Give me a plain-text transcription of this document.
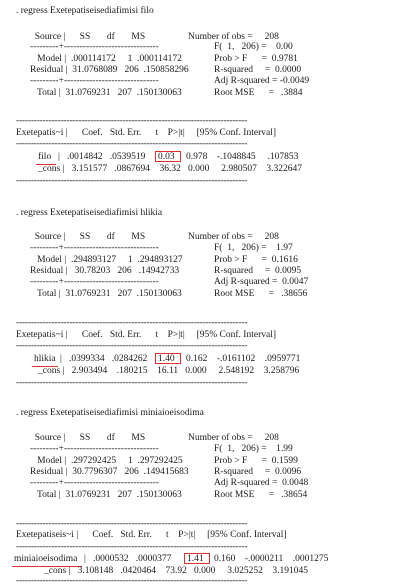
. regress Exetepatiseisediafimisi filo
Source |      SS       df       MS	Number of obs =     208
---------+------------------------------	F(  1,   206) =    0.00
Model |  .000114172     1  .000114172	Prob > F      =  0.9781
Residual |  31.0768089   206  .150858296	R-squared     =  0.0000
---------+------------------------------	Adj R-squared = -0.0049
Total |  31.0769231   207  .150130063	Root MSE      =   .3884
------------------------------------------------------------------------------
Exetepatis~i |      Coef.   Std. Err.      t    P>|t|     [95% Conf. Interval]
------------------------------------------------------------------------------
filo |   .0014842   .0539519 0.03 0.978    -.1048845     .107853
_cons |   3.151577   .0867694    36.32   0.000     2.980507    3.322647
------------------------------------------------------------------------------
. regress Exetepatiseisediafimisi hlikia
Source |      SS       df       MS	Number of obs =     208
---------+------------------------------	F(  1,   206) =    1.97
Model |  .294893127     1  .294893127	Prob > F      =  0.1616
Residual |   30.78203   206   .14942733	R-squared     =  0.0095
---------+------------------------------	Adj R-squared =  0.0047
Total |  31.0769231   207  .150130063	Root MSE      =   .38656
------------------------------------------------------------------------------
Exetepatis~i |      Coef.   Std. Err.      t    P>|t|     [95% Conf. Interval]
------------------------------------------------------------------------------
hlikia |   .0399334   .0284262 1.40 0.162    -.0161102    .0959771
_cons |   2.903494    .180215    16.11   0.000     2.548192    3.258796
------------------------------------------------------------------------------
. regress Exetepatiseisediafimisi miniaioeisodima
Source |      SS       df       MS	Number of obs =     208
---------+------------------------------	F(  1,   206) =    1.99
Model |  .297292425     1  .297292425	Prob > F      =  0.1599
Residual |  30.7796307   206  .149415683	R-squared     =  0.0096
---------+------------------------------	Adj R-squared =  0.0048
Total |  31.0769231   207  .150130063	Root MSE      =   .38654
------------------------------------------------------------------------------
Exetepatiseis~i |      Coef.   Std. Err.      t    P>|t|     [95% Conf. Interval]
------------------------------------------------------------------------------
miniaioeisodima |   .0000532   .0000377 1.41 0.160    -.0000211    .0001275
_cons |   3.108148   .0420464    73.92   0.000     3.025252    3.191045
------------------------------------------------------------------------------
